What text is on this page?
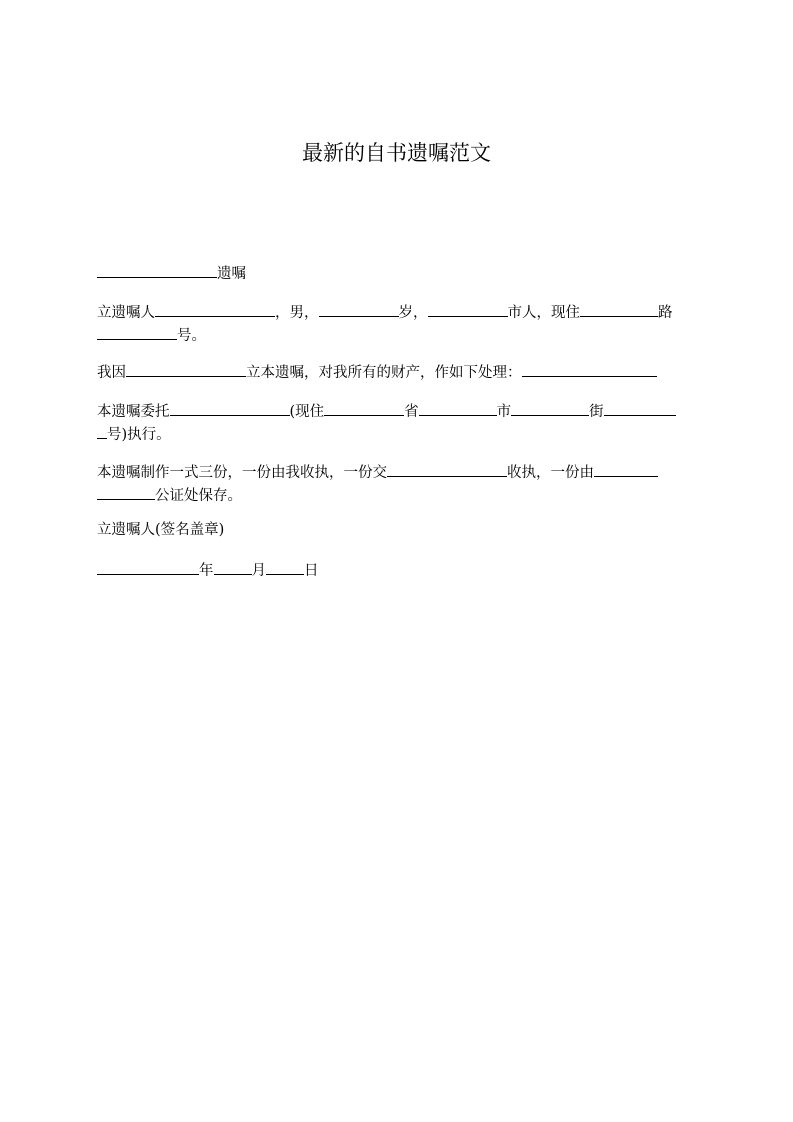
最新的自书遗嘱范文

遗嘱

立遗嘱人	，男，	岁，	市人，现住	路
号。

我因	立本遗嘱，对我所有的财产，作如下处理：

本遗嘱委托	(现住	省	市	街
号)执行。

本遗嘱制作一式三份，一份由我收执，一份交	收执，一份由
公证处保存。

立遗嘱人(签名盖章)

年	月	日
